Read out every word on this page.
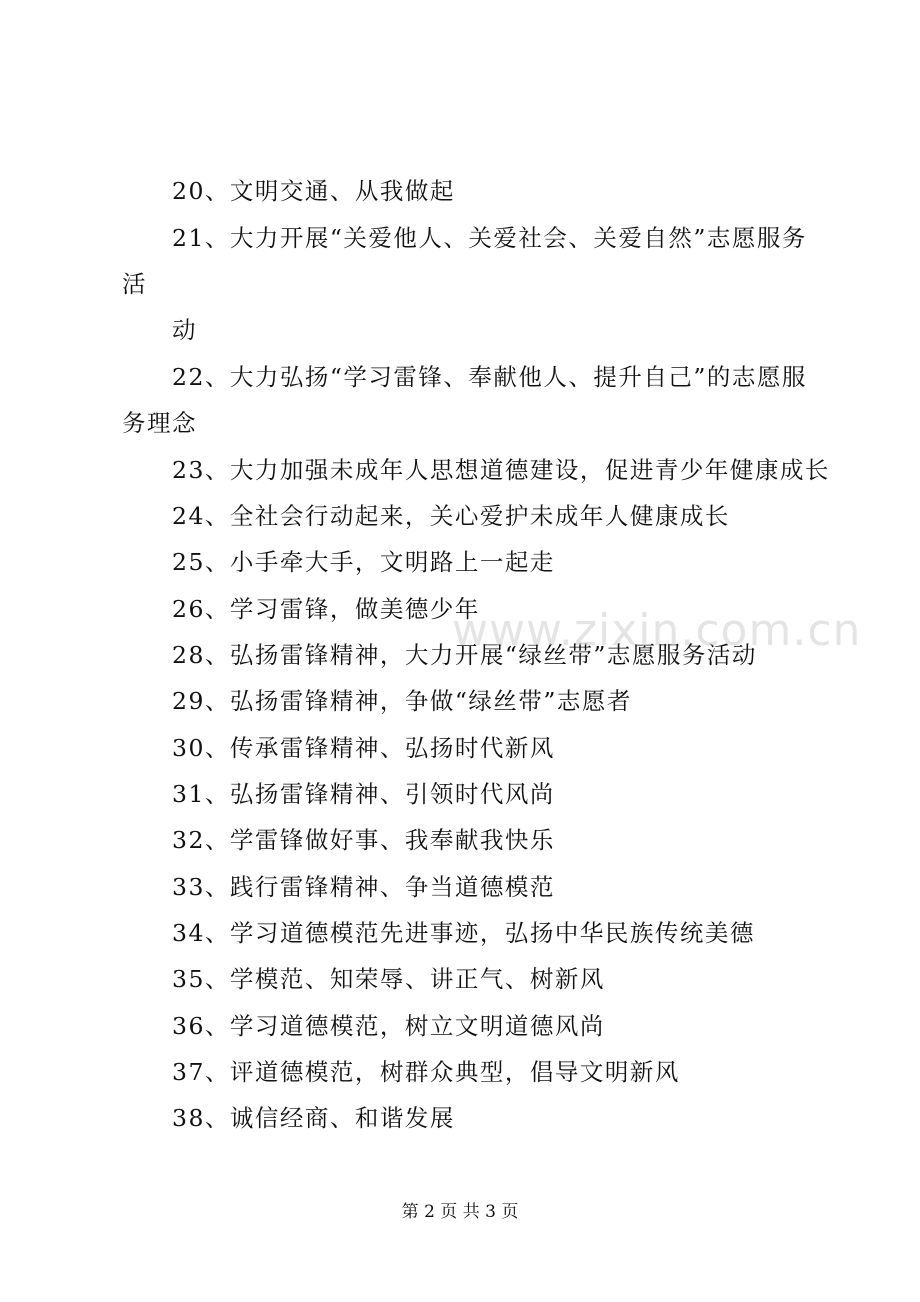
20、文明交通、从我做起
21、大力开展“关爱他人、关爱社会、关爱自然”志愿服务
活
动
22、大力弘扬“学习雷锋、奉献他人、提升自己”的志愿服
务理念
23、大力加强未成年人思想道德建设，促进青少年健康成长
24、全社会行动起来，关心爱护未成年人健康成长
25、小手牵大手，文明路上一起走
26、学习雷锋，做美德少年
28、弘扬雷锋精神，大力开展“绿丝带”志愿服务活动
29、弘扬雷锋精神，争做“绿丝带”志愿者
30、传承雷锋精神、弘扬时代新风
31、弘扬雷锋精神、引领时代风尚
32、学雷锋做好事、我奉献我快乐
33、践行雷锋精神、争当道德模范
34、学习道德模范先进事迹，弘扬中华民族传统美德
35、学模范、知荣辱、讲正气、树新风
36、学习道德模范，树立文明道德风尚
37、评道德模范，树群众典型，倡导文明新风
38、诚信经商、和谐发展
www.zixin.com.cn
第 2 页 共 3 页
